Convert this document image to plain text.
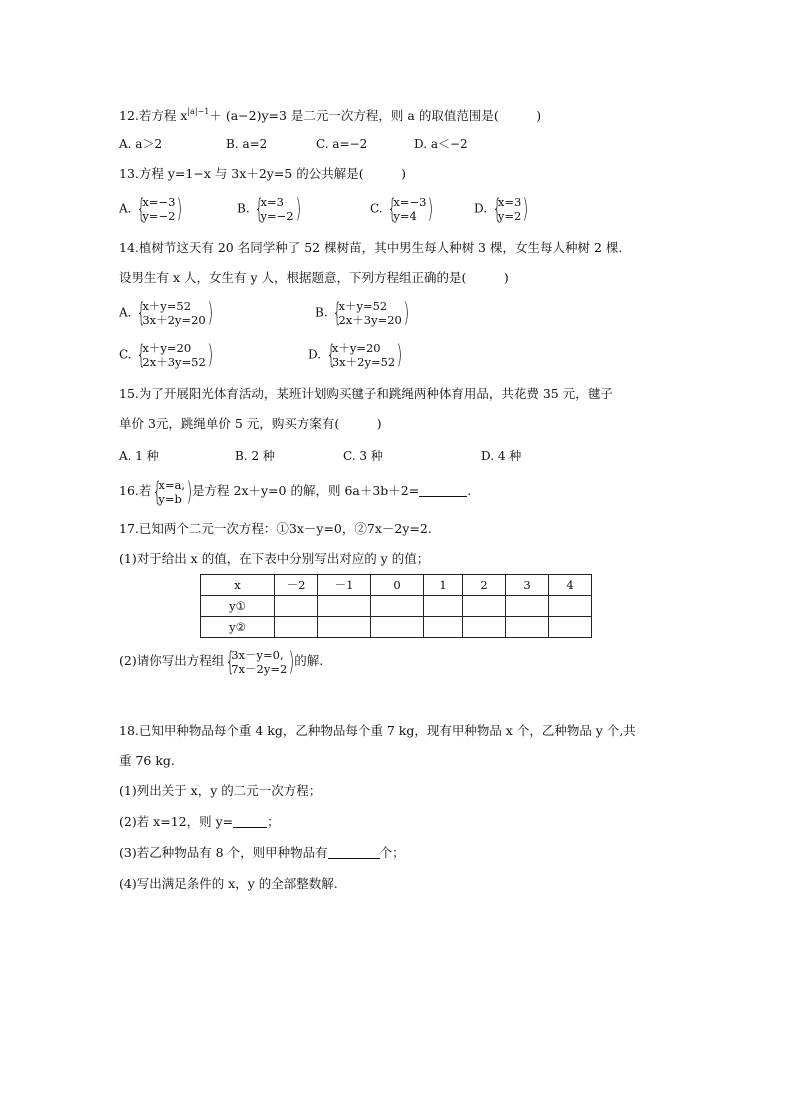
12.若方程 $x^{|a|-1}+ (a-2)y=3$ 是二元一次方程，则 a 的取值范围是(　　　)
A. a＞2	B. a=2	C. a=−2	D. a＜−2
13.方程 y=1−x 与 3x＋2y=5 的公共解是(　　　)
A. {
x=−3
y=−2 )	B. {
x=3
y=−2 )	C. {
x=−3
y=4 )	D. {
x=3
y=2 )
14.植树节这天有 20 名同学种了 52 棵树苗，其中男生每人种树 3 棵，女生每人种树 2 棵.
设男生有 x 人，女生有 y 人，根据题意，下列方程组正确的是(　　　)
A. {
x＋y=52
3x＋2y=20 )	B. {
x＋y=52
2x＋3y=20 )
C. {
x＋y=20
2x＋3y=52 )	D. {
x＋y=20
3x＋2y=52 )
15.为了开展阳光体育活动，某班计划购买毽子和跳绳两种体育用品，共花费 35 元，毽子
单价 3元，跳绳单价 5 元，购买方案有(　　　)
A. 1 种	B. 2 种	C. 3 种	D. 4 种
16.若 {
x=a,
y=b ) 是方程 2x＋y=0 的解，则 6a＋3b＋2=	.
17.已知两个二元一次方程：①3x－y=0，②7x－2y=2.
(1)对于给出 x 的值，在下表中分别写出对应的 y 的值；
x	－2	－1	0	1	2	3	4
y①							
y②							
(2)请你写出方程组 {
3x－y=0,
7x－2y=2 ) 的解.
18.已知甲种物品每个重 4 kg，乙种物品每个重 7 kg，现有甲种物品 x 个，乙种物品 y 个,共
重 76 kg.
(1)列出关于 x，y 的二元一次方程；
(2)若 x=12，则 y=	；
(3)若乙种物品有 8 个，则甲种物品有	个；
(4)写出满足条件的 x，y 的全部整数解.
